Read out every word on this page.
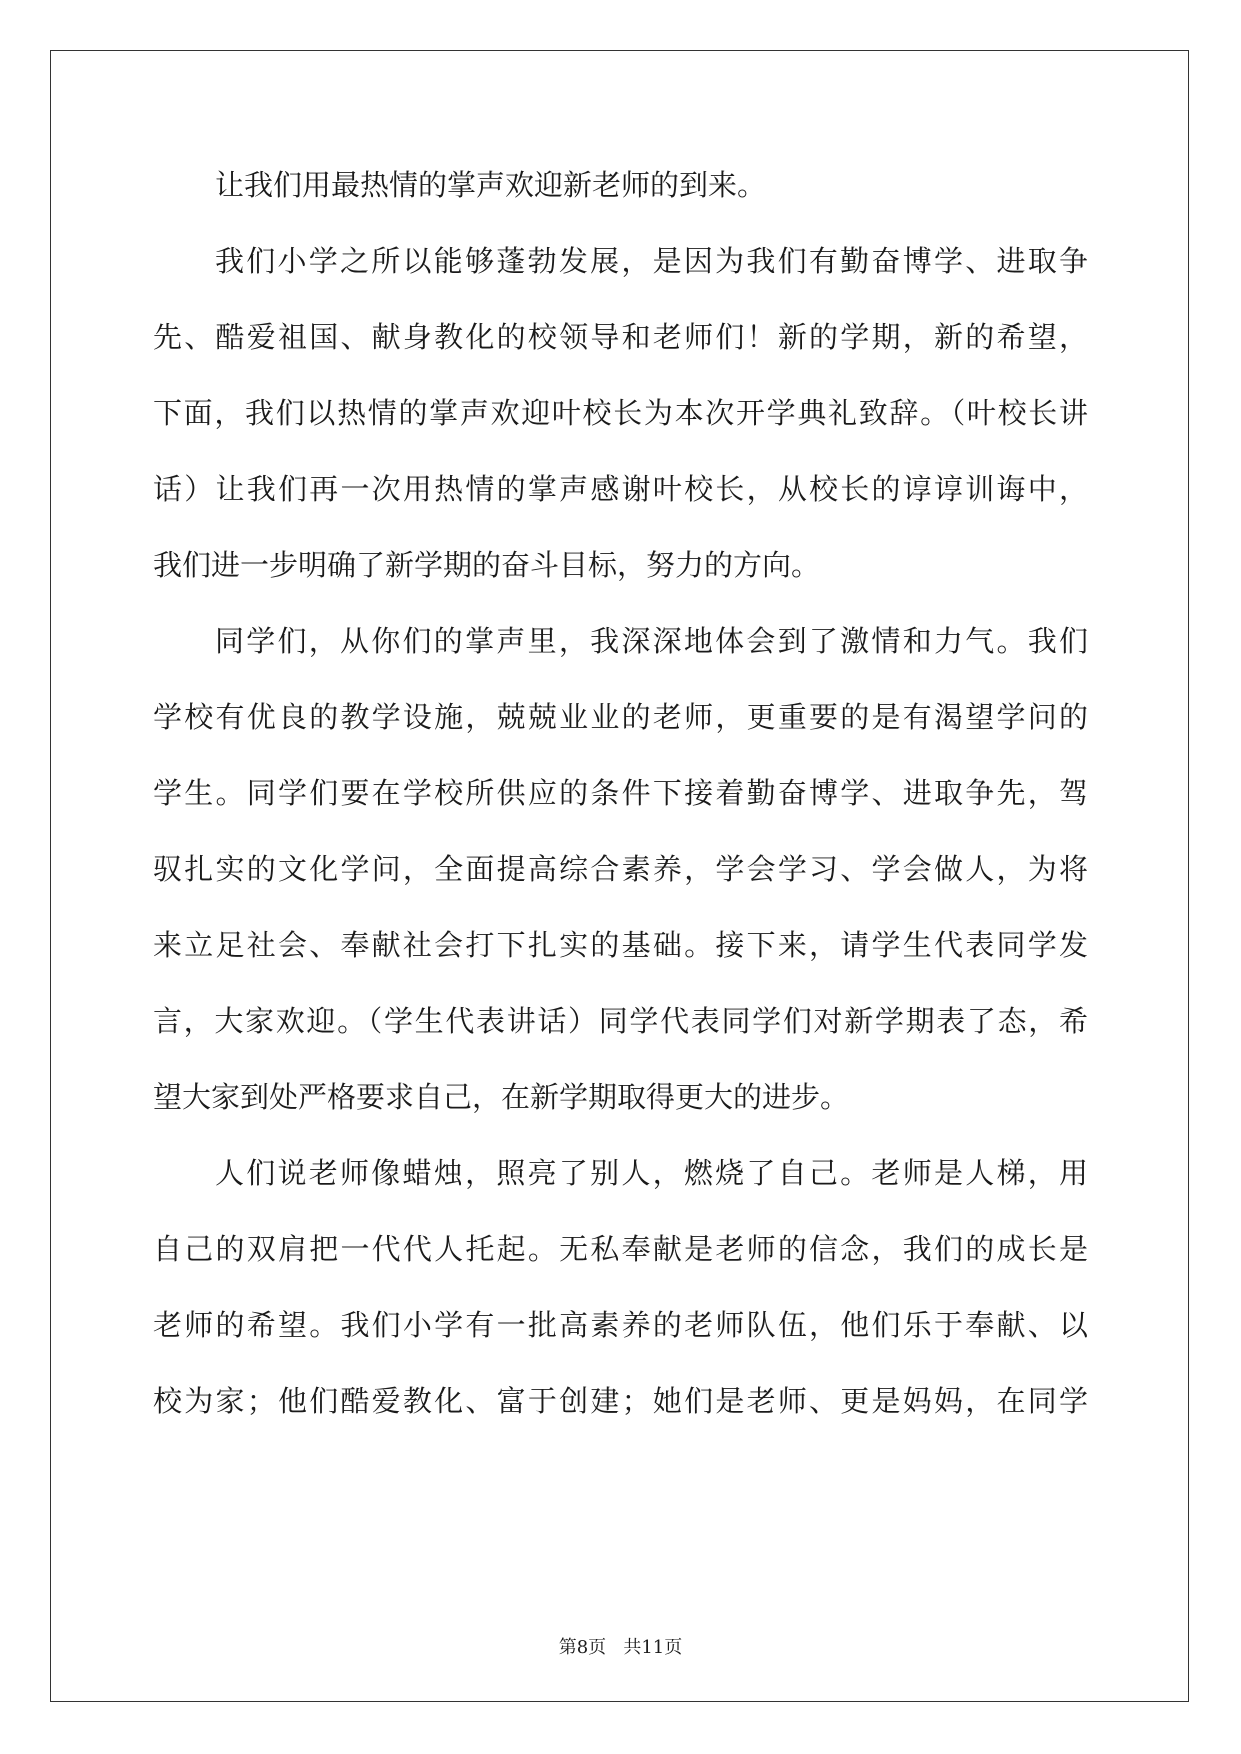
让我们用最热情的掌声欢迎新老师的到来。
我们小学之所以能够蓬勃发展，是因为我们有勤奋博学、进取争
先、酷爱祖国、献身教化的校领导和老师们！新的学期，新的希望，
下面，我们以热情的掌声欢迎叶校长为本次开学典礼致辞。（叶校长讲
话）让我们再一次用热情的掌声感谢叶校长，从校长的谆谆训诲中，
我们进一步明确了新学期的奋斗目标，努力的方向。
同学们，从你们的掌声里，我深深地体会到了激情和力气。我们
学校有优良的教学设施，兢兢业业的老师，更重要的是有渴望学问的
学生。同学们要在学校所供应的条件下接着勤奋博学、进取争先，驾
驭扎实的文化学问，全面提高综合素养，学会学习、学会做人，为将
来立足社会、奉献社会打下扎实的基础。接下来，请学生代表同学发
言，大家欢迎。（学生代表讲话）同学代表同学们对新学期表了态，希
望大家到处严格要求自己，在新学期取得更大的进步。
人们说老师像蜡烛，照亮了别人，燃烧了自己。老师是人梯，用
自己的双肩把一代代人托起。无私奉献是老师的信念，我们的成长是
老师的希望。我们小学有一批高素养的老师队伍，他们乐于奉献、以
校为家；他们酷爱教化、富于创建；她们是老师、更是妈妈，在同学
第8页 共11页
